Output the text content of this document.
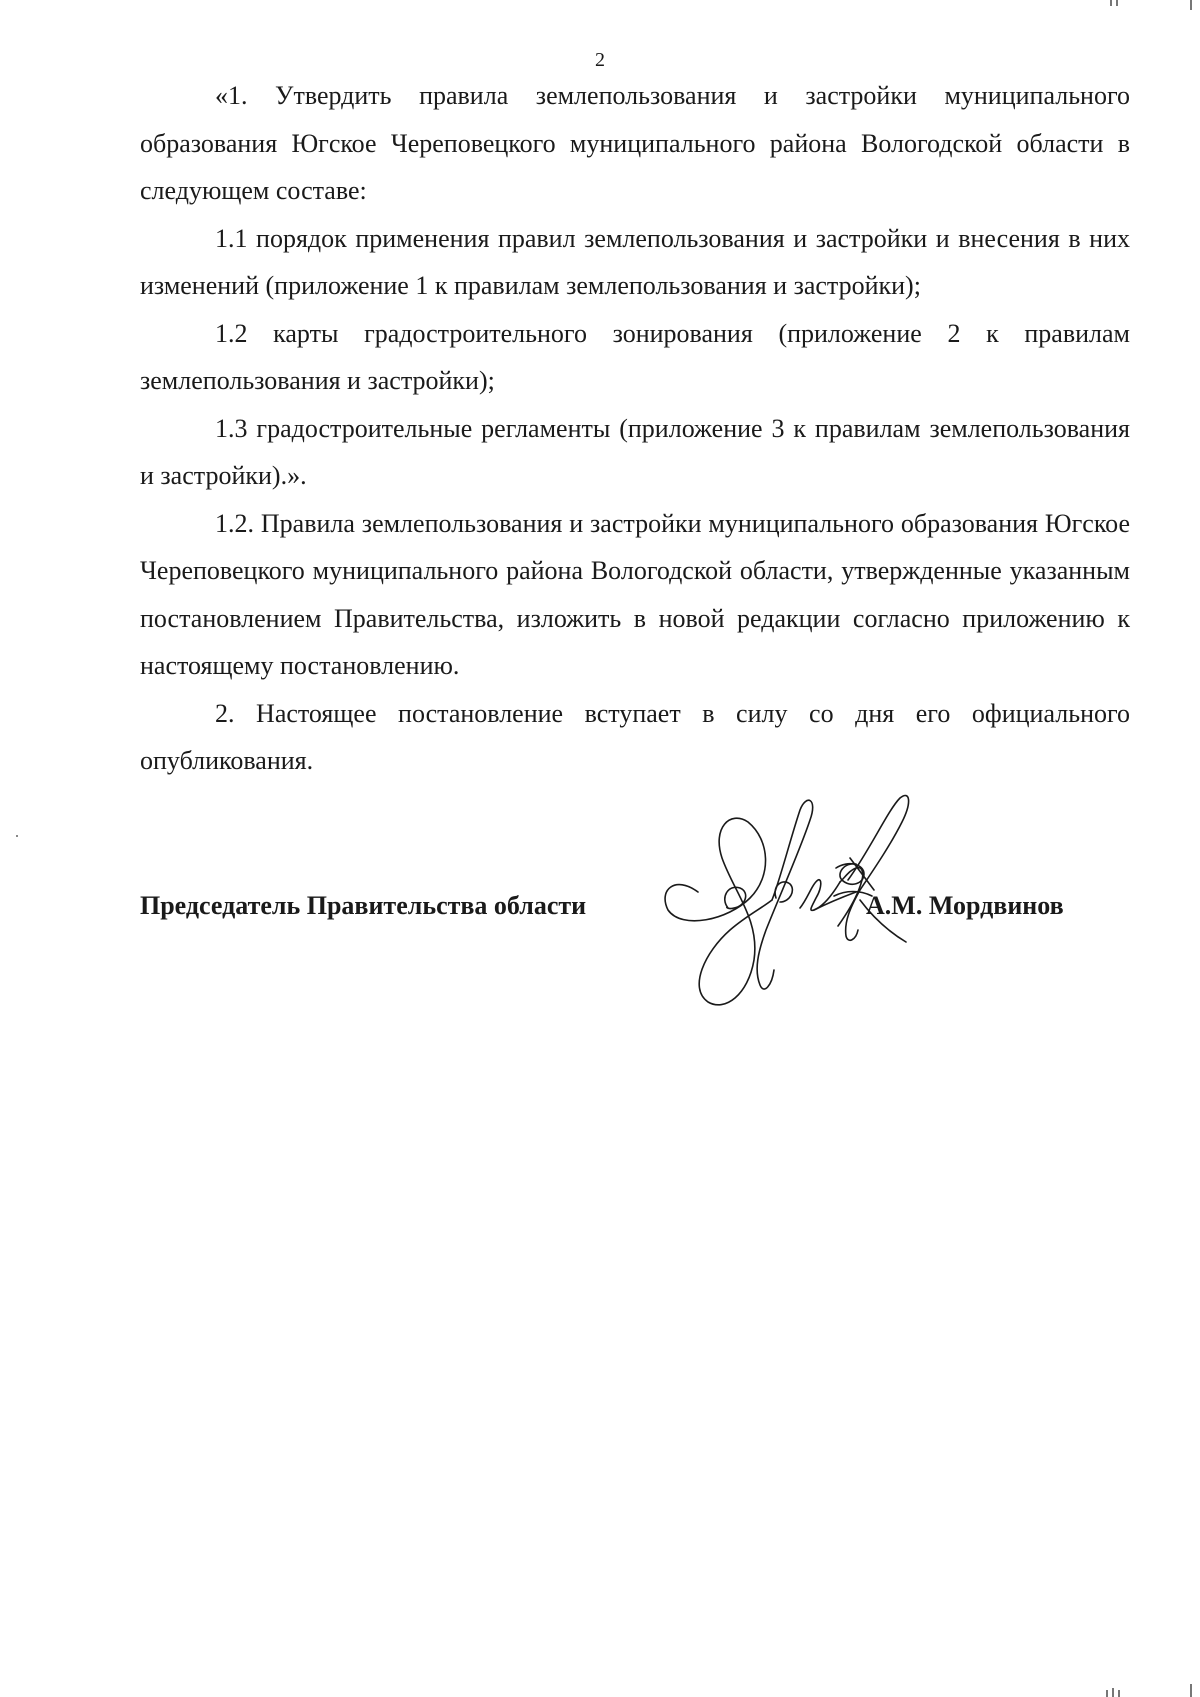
2

«1. Утвердить правила землепользования и застройки муниципального образования Югское Череповецкого муниципального района Вологодской области в следующем составе:

1.1 порядок применения правил землепользования и застройки и внесения в них изменений (приложение 1 к правилам землепользования и застройки);

1.2 карты градостроительного зонирования (приложение 2 к правилам землепользования и застройки);

1.3 градостроительные регламенты (приложение 3 к правилам землепользования и застройки).».

1.2. Правила землепользования и застройки муниципального образования Югское Череповецкого муниципального района Вологодской области, утвержденные указанным постановлением Правительства, изложить в новой редакции согласно приложению к настоящему постановлению.

2. Настоящее постановление вступает в силу со дня его официального опубликования.

Председатель Правительства области	А.М. Мордвинов
